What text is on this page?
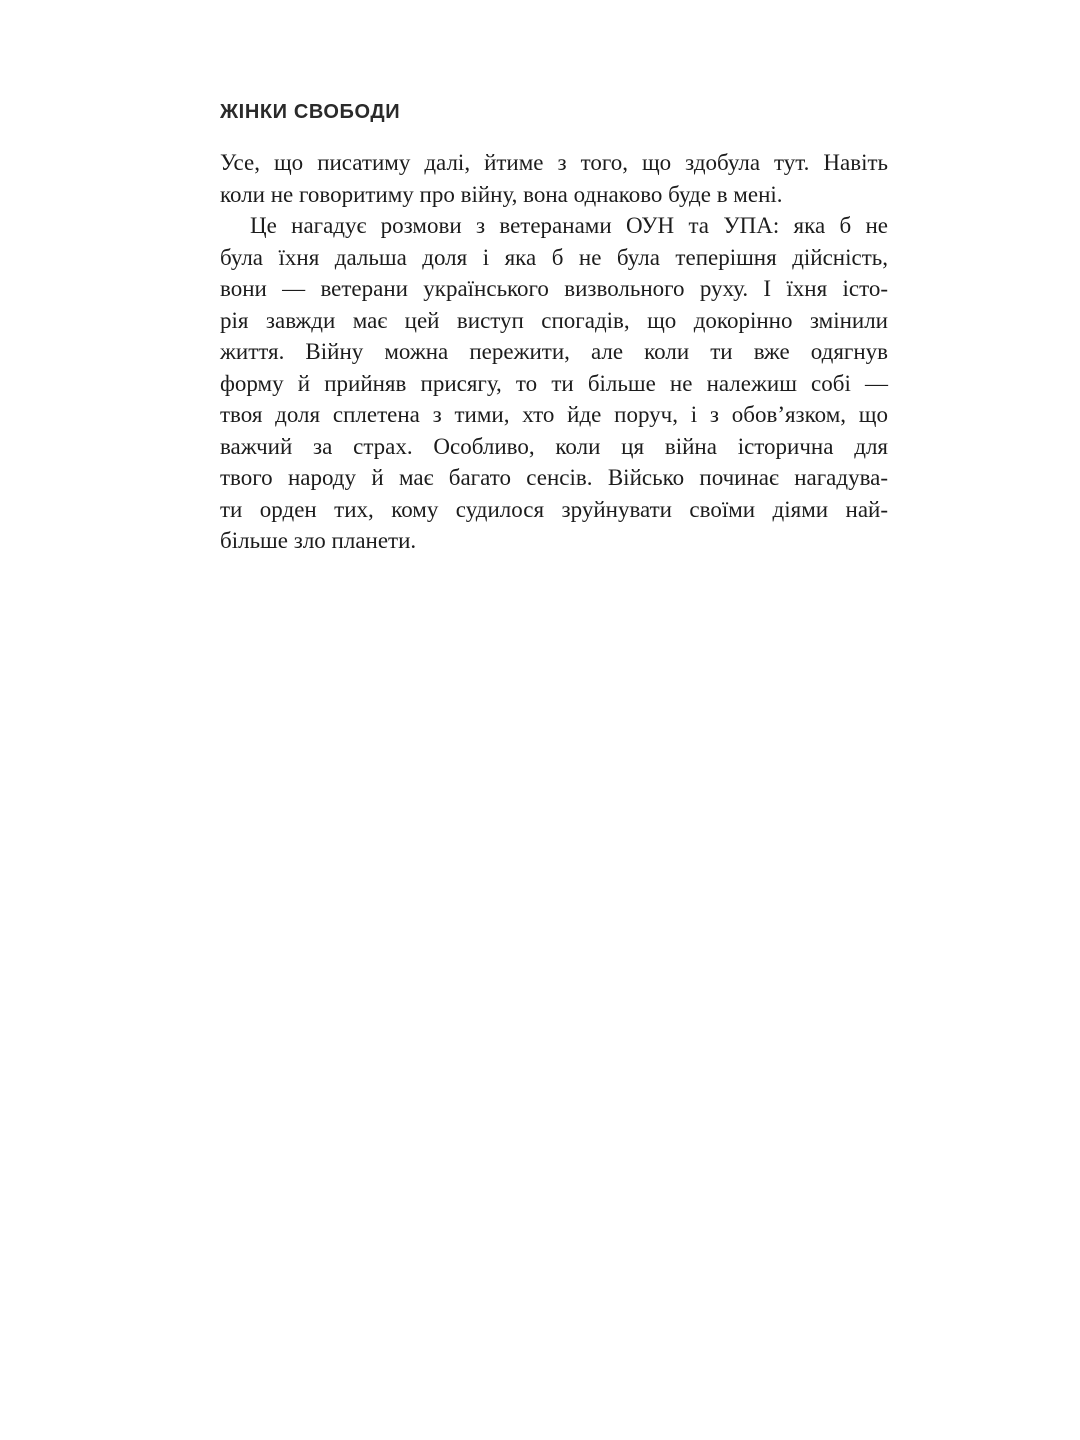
ЖІНКИ СВОБОДИ
Усе, що писатиму далі, йтиме з того, що здобула тут. Навіть
коли не говоритиму про війну, вона однаково буде в мені.
Це нагадує розмови з ветеранами ОУН та УПА: яка б не
була їхня дальша доля і яка б не була теперішня дійсність,
вони — ветерани українського визвольного руху. І їхня істо-
рія завжди має цей виступ спогадів, що докорінно змінили
життя. Війну можна пережити, але коли ти вже одягнув
форму й прийняв присягу, то ти більше не належиш собі —
твоя доля сплетена з тими, хто йде поруч, і з обов’язком, що
важчий за страх. Особливо, коли ця війна історична для
твого народу й має багато сенсів. Військо починає нагадува-
ти орден тих, кому судилося зруйнувати своїми діями най-
більше зло планети.
